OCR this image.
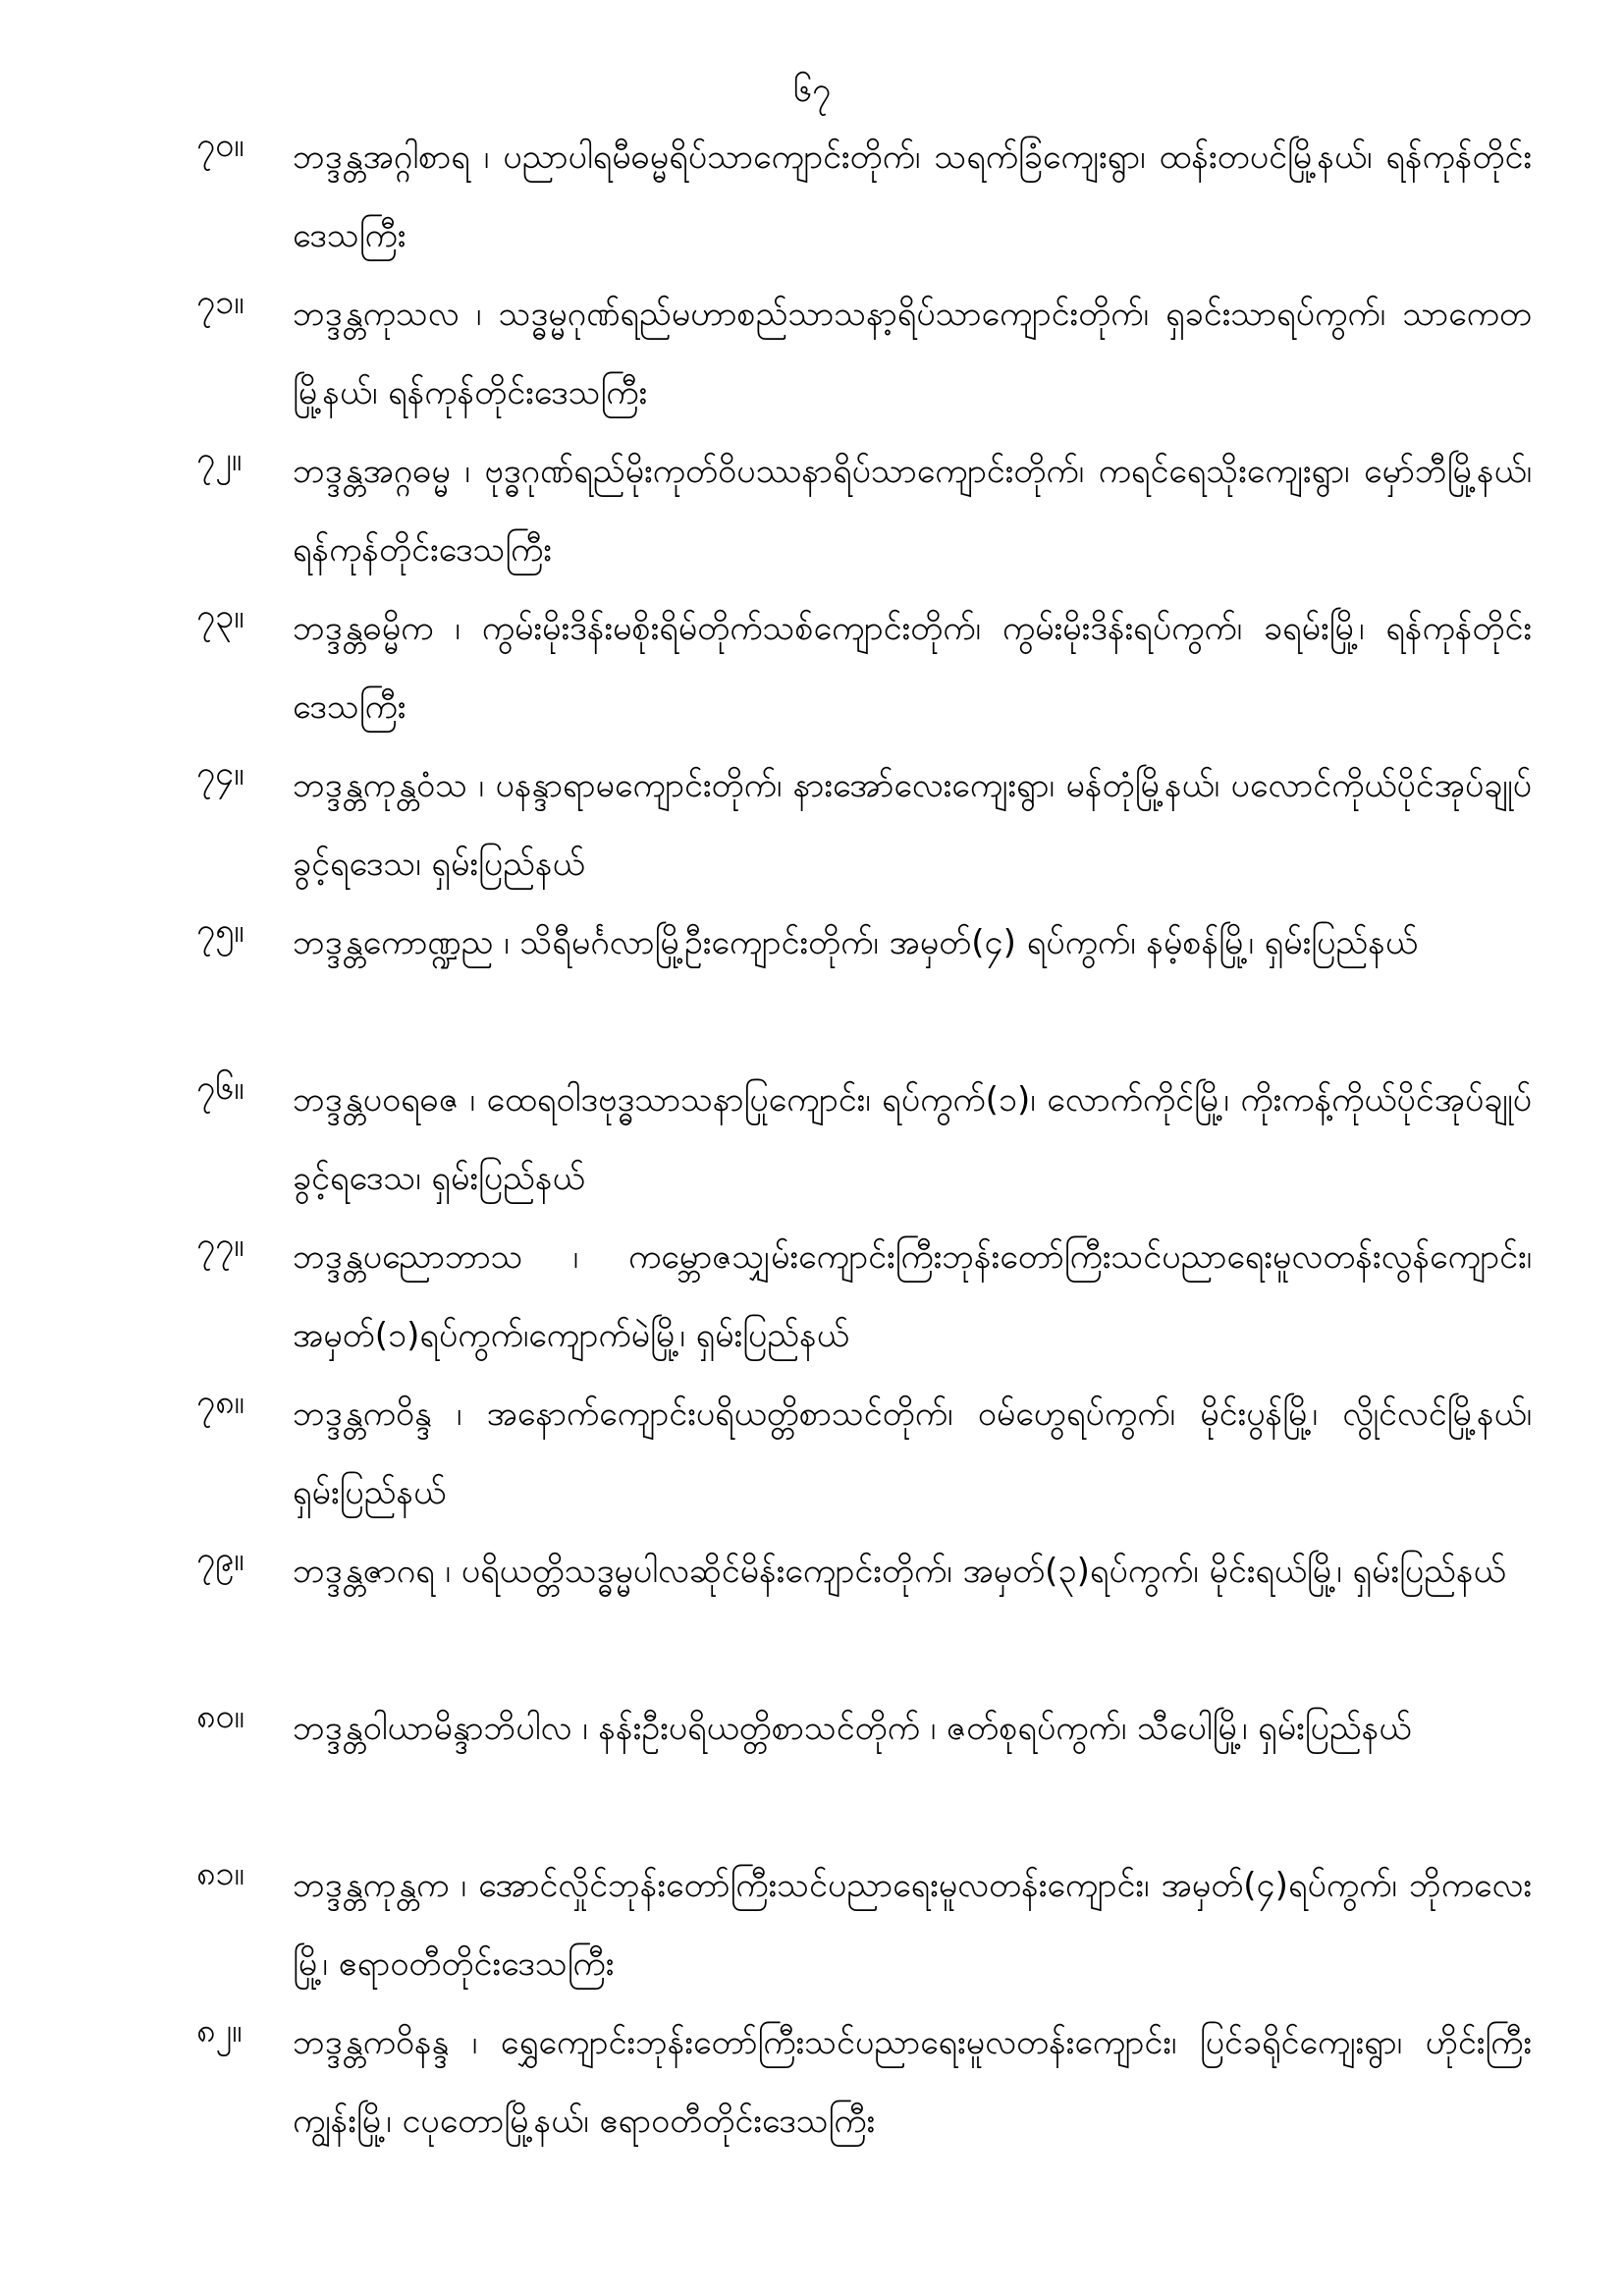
၆၇
၇၀။	ဘဒ္ဒန္တအဂ္ဂါစာရ ၊ ပညာပါရမီဓမ္မရိပ်သာကျောင်းတိုက်၊ သရက်ခြံကျေးရွာ၊ ထန်းတပင်မြို့နယ်၊ ရန်ကုန်တိုင်းဒေသကြီး
၇၁။	ဘဒ္ဒန္တကုသလ ၊ သဒ္ဓမ္မဂုဏ်ရည်မဟာစည်သာသနာ့ရိပ်သာကျောင်းတိုက်၊ ရှခင်းသာရပ်ကွက်၊ သာကေတမြို့နယ်၊ ရန်ကုန်တိုင်းဒေသကြီး
၇၂။	ဘဒ္ဒန္တအဂ္ဂဓမ္မ ၊ ဗုဒ္ဓဂုဏ်ရည်မိုးကုတ်ဝိပဿနာရိပ်သာကျောင်းတိုက်၊ ကရင်ရေသိုးကျေးရွာ၊ မှော်ဘီမြို့နယ်၊ ရန်ကုန်တိုင်းဒေသကြီး
၇၃။	ဘဒ္ဒန္တဓမ္မိက ၊ ကွမ်းမိုးဒိန်းမစိုးရိမ်တိုက်သစ်ကျောင်းတိုက်၊ ကွမ်းမိုးဒိန်းရပ်ကွက်၊ ခရမ်းမြို့၊ ရန်ကုန်တိုင်းဒေသကြီး
၇၄။	ဘဒ္ဒန္တကုန္တဝံသ ၊ ပနန္ဒာရာမကျောင်းတိုက်၊ နားအော်လေးကျေးရွာ၊ မန်တုံမြို့နယ်၊ ပလောင်ကိုယ်ပိုင်အုပ်ချုပ်ခွင့်ရဒေသ၊ ရှမ်းပြည်နယ်
၇၅။	ဘဒ္ဒန္တကောဏ္ဍည ၊ သိရီမင်္ဂလာမြို့ဦးကျောင်းတိုက်၊ အမှတ်(၄) ရပ်ကွက်၊ နမ့်စန်မြို့၊ ရှမ်းပြည်နယ်
၇၆။	ဘဒ္ဒန္တပဝရဓဇ ၊ ထေရဝါဒဗုဒ္ဓသာသနာပြုကျောင်း၊ ရပ်ကွက်(၁)၊ လောက်ကိုင်မြို့၊ ကိုးကန့်ကိုယ်ပိုင်အုပ်ချုပ်ခွင့်ရဒေသ၊ ရှမ်းပြည်နယ်
၇၇။	ဘဒ္ဒန္တပညောဘာသ ၊ ကမ္ဘောဇသျှမ်းကျောင်းကြီးဘုန်းတော်ကြီးသင်ပညာရေးမူလတန်းလွန်ကျောင်း၊ အမှတ်(၁)ရပ်ကွက်၊ကျောက်မဲမြို့၊ ရှမ်းပြည်နယ်
၇၈။	ဘဒ္ဒန္တကဝိန္ဒ ၊ အနောက်ကျောင်းပရိယတ္တိစာသင်တိုက်၊ ဝမ်ဟွေရပ်ကွက်၊ မိုင်းပွန်မြို့၊ လွိုင်လင်မြို့နယ်၊ ရှမ်းပြည်နယ်
၇၉။	ဘဒ္ဒန္တဇာဂရ ၊ ပရိယတ္တိသဒ္ဓမ္မပါလဆိုင်မိန်းကျောင်းတိုက်၊ အမှတ်(၃)ရပ်ကွက်၊ မိုင်းရယ်မြို့၊ ရှမ်းပြည်နယ်
၈၀။	ဘဒ္ဒန္တဝါယာမိန္ဒာဘိပါလ ၊ နန်းဦးပရိယတ္တိစာသင်တိုက် ၊ ဇတ်စုရပ်ကွက်၊ သီပေါမြို့၊ ရှမ်းပြည်နယ်
၈၁။	ဘဒ္ဒန္တကုန္တက ၊ အောင်လှိုင်ဘုန်းတော်ကြီးသင်ပညာရေးမူလတန်းကျောင်း၊ အမှတ်(၄)ရပ်ကွက်၊ ဘိုကလေးမြို့၊ ဧရာဝတီတိုင်းဒေသကြီး
၈၂။	ဘဒ္ဒန္တကဝိနန္ဒ ၊ ရွှေကျောင်းဘုန်းတော်ကြီးသင်ပညာရေးမူလတန်းကျောင်း၊ ပြင်ခရိုင်ကျေးရွာ၊ ဟိုင်းကြီးကျွန်းမြို့၊ ငပုတောမြို့နယ်၊ ဧရာဝတီတိုင်းဒေသကြီး
